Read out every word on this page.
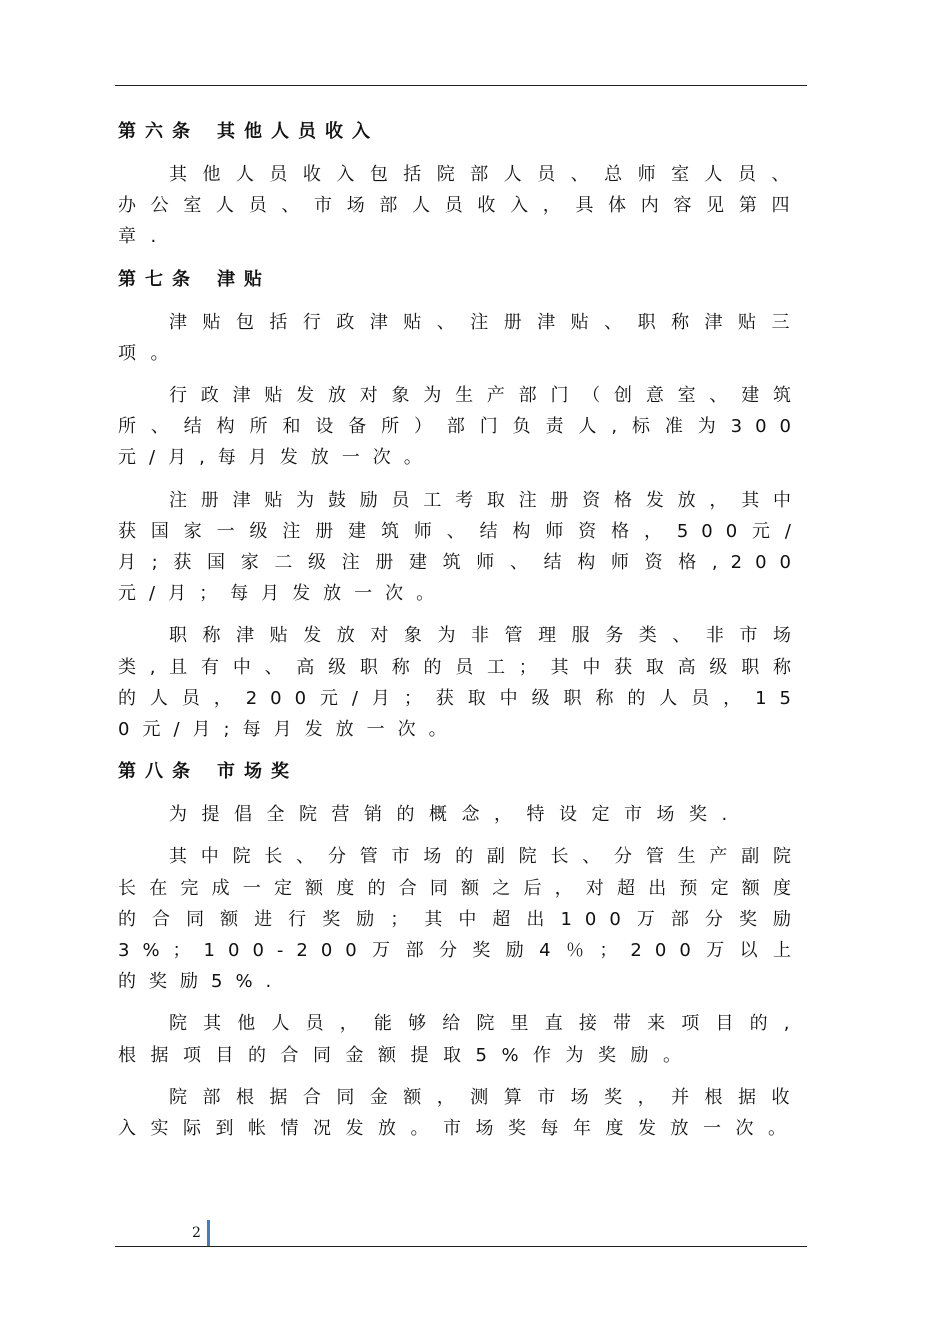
第六条 其他人员收入

其他人员收入包括院部人员、总师室人员、办公室人员、市场部人员收入，具体内容见第四章.

第七条 津贴

津贴包括行政津贴、注册津贴、职称津贴三项。

行政津贴发放对象为生产部门（创意室、建筑所、结构所和设备所）部门负责人,标准为300元/月,每月发放一次。

注册津贴为鼓励员工考取注册资格发放，其中获国家一级注册建筑师、结构师资格，500元/月;获国家二级注册建筑师、结构师资格,200元/月；每月发放一次。

职称津贴发放对象为非管理服务类、非市场类,且有中、高级职称的员工；其中获取高级职称的人员，200元/月；获取中级职称的人员，150元/月;每月发放一次。

第八条 市场奖

为提倡全院营销的概念，特设定市场奖.

其中院长、分管市场的副院长、分管生产副院长在完成一定额度的合同额之后，对超出预定额度的合同额进行奖励；其中超出100万部分奖励3%；100-200万部分奖励4％；200万以上的奖励5%.

院其他人员，能够给院里直接带来项目的,根据项目的合同金额提取5%作为奖励。

院部根据合同金额，测算市场奖，并根据收入实际到帐情况发放。市场奖每年度发放一次。

2
